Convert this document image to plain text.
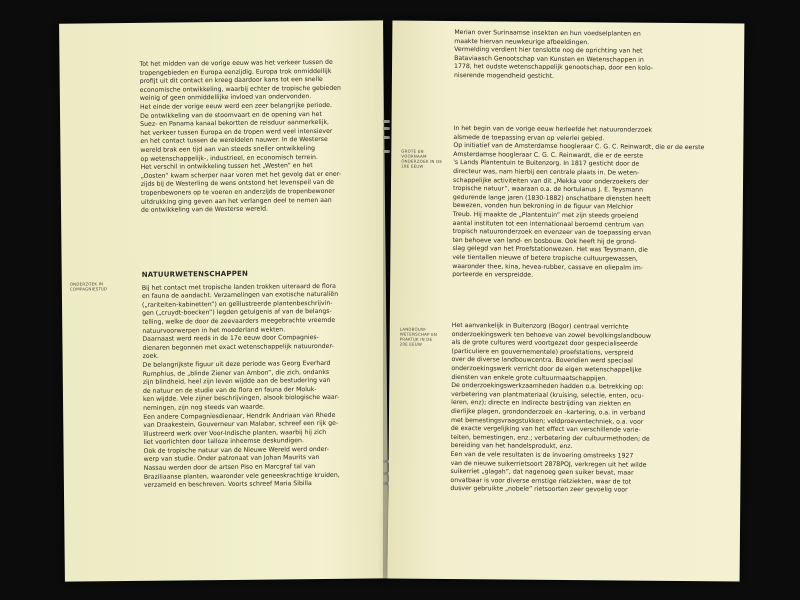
Tot het midden van de vorige eeuw was het verkeer tussen de
tropengebieden en Europa eenzijdig. Europa trok onmiddellijk
profijt uit dit contact en kreeg daardoor kans tot een snelle
economische ontwikkeling, waarbij echter de tropische gebieden
weinig of geen onmiddellijke invloed van ondervonden.
Het einde der vorige eeuw werd een zeer belangrijke periode.
De ontwikkeling van de stoomvaart en de opening van het
Suez- en Panama kanaal bekortten de reisduur aanmerkelijk,
het verkeer tussen Europa en de tropen werd veel intensiever
en het contact tussen de wereldelen nauwer. In de Westerse
wereld brak een tijd aan van steeds sneller ontwikkeling
op wetenschappelijk-, industrieel, en economisch terrein.
Het verschil in ontwikkeling tussen het „Westen” en het
„Oosten” kwam scherper naar voren met het gevolg dat er ener-
zijds bij de Westerling de wens ontstond het levenspeil van de
tropenbewoners op te voeren en anderzijds de tropenbewoner
uitdrukking ging geven aan het verlangen deel te nemen aan
de ontwikkeling van de Westerse wereld.
ONDERZOEK IN COMPAGNIESTIJD
NATUURWETENSCHAPPEN
Bij het contact met tropische landen trokken uiteraard de flora
en fauna de aandacht. Verzamelingen van exotische naturaliën
(„rariteiten-kabinetten”) en geïllustreerde plantenbeschrijvin-
gen („cruydt-boecken”) legden getuigenis af van de belangs-
telling, welke de door de zeevaarders meegebrachte vreemde
natuurvoorwerpen in het moederland wekten.
Daarnaast werd reeds in de 17e eeuw door Compagnies-
dienaren begonnen met exact wetenschappelijk natuuronder-
zoek.
De belangrijkste figuur uit deze periode was Georg Everhard
Rumphius, de „blinde Ziener van Ambon”, die zich, ondanks
zijn blindheid, heel zijn leven wijdde aan de bestudering van
de natuur en de studie van de flora en fauna der Moluk-
ken wijdde. Vele zijner beschrijvingen, alsook biologische waar-
nemingen, zijn nog steeds van waarde.
Een andere Compagniesdienaar, Hendrik Andriaan van Rhede
van Draakestein, Gouverneur van Malabar, schreef een rijk ge-
ïllustreerd werk over Voor-Indische planten, waarbij hij zich
liet voorlichten door talloze inheemse deskundigen.
Ook de tropische natuur van de Nieuwe Wereld werd onder-
werp van studie. Onder patronaat van Johan Maurits van
Nassau werden door de artsen Piso en Marcgraf tal van
Braziliaanse planten, waaronder vele geneeskrachtige kruiden,
verzameld en beschreven. Voorts schreef Maria Sibilla
Merian over Surinaamse insekten en hun voedselplanten en
maakte hiervan neuwkeurige afbeeldingen.
Vermelding verdient hier tenslotte nog de oprichting van het
Bataviaasch Genootschap van Kunsten en Wetenschappen in
1778, het oudste wetenschappelijk genootschap, door een kolo-
niserende mogendheid gesticht.
GROTE EN VOORNAAM ONDERZOEK IN DE 19E EEUW
In het begin van de vorige eeuw herleefde het natuuronderzoek
alsmede de toepassing ervan op velerlei gebied.
Op initiatief van de Amsterdamse hoogleraar C. G. C. Reinwardt, die er de eerste
Amsterdamse hoogleraar C. G. C. Reinwardt, die er de eerste
's Lands Plantentuin te Buitenzorg. In 1817 gesticht door de
directeur was, nam hierbij een centrale plaats in. De weten-
schappelijke activiteiten van dit „Mekka voor onderzoekers der
tropische natuur”, waaraan o.a. de hortulanus J. E. Teysmann
gedurende lange jaren (1830-1882) onschatbare diensten heeft
bewezen, vonden hun bekroning in de figuur van Melchior
Treub. Hij maakte de „Plantentuin” met zijn steeds groeiend
aantal instituten tot een internationaal beroemd centrum van
tropisch natuuronderzoek en evenzeer van de toepassing ervan
ten behoeve van land- en bosbouw. Ook heeft hij de grond-
slag gelegd van het Proefstationwezen. Het was Teysmann, die
vele tientallen nieuwe of betere tropische cultuurgewassen,
waaronder thee, kina, hevea-rubber, cassave en oliepalm im-
porteerde en verspreidde.
LANDBOUW-WETENSCHAP EN PRAKTIJK IN DE 20E EEUW
Het aanvankelijk in Buitenzorg (Bogor) centraal verrichte
onderzoekingswerk ten behoeve van zowel bevolkingslandbouw
als de grote cultures werd voortgezet door gespecialiseerde
(particuliere en gouvernementele) proefstations, verspreid
over de diverse landbouwcentra. Bovendien werd speciaal
onderzoekingswerk verricht door de eigen wetenschappelijke
diensten van enkele grote cultuurmaatschappijen.
De onderzoekingswerkzaamheden hadden o.a. betrekking op:
verbetering van plantmateriaal (kruising, selectie, enten, ocu-
leren, enz); directe en indirecte bestrijding van ziekten en
dierlijke plagen, grondonderzoek en -kartering, o.a. in verband
met bemestingsvraagstukken; veldproeventechniek, o.a. voor
de exacte vergelijking van het effect van verschillende varie-
teiten, bemestingen, enz.; verbetering der cultuurmethoden; de
bereiding van het handelsprodukt, enz.
Een van de vele resultaten is de invoering omstreeks 1927
van de nieuwe suikerrietsoort 2878POJ, verkregen uit het wilde
suikerriet „glagah”, dat nagenoeg geen suiker bevat, maar
onvatbaar is voor diverse ernstige rietziekten, waar de tot
dusver gebruikte „nobele” rietsoorten zeer gevoelig voor
